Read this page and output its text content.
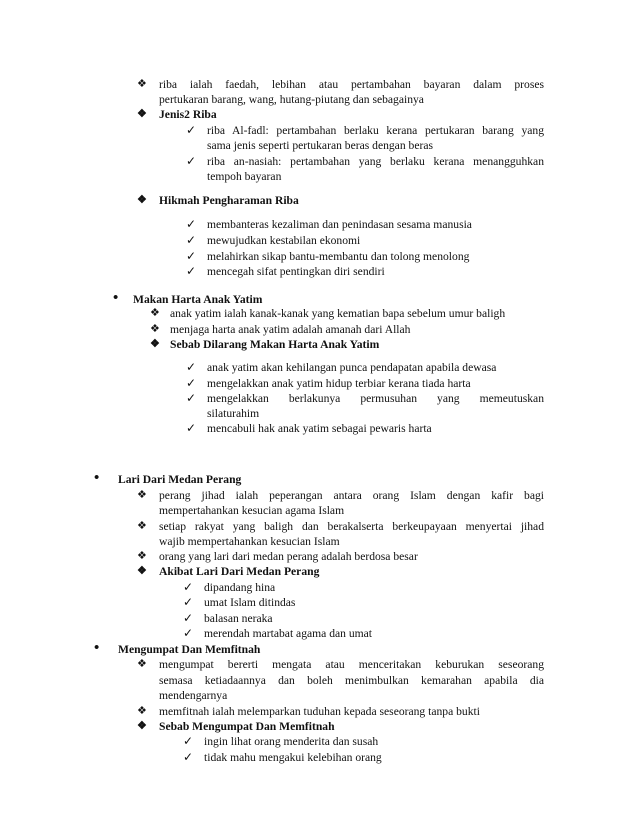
❖ riba ialah faedah, lebihan atau pertambahan bayaran dalam proses
pertukaran barang, wang, hutang-piutang dan sebagainya
❖ Jenis2 Riba
✓ riba Al-fadl: pertambahan berlaku kerana pertukaran barang yang
sama jenis seperti pertukaran beras dengan beras
✓ riba an-nasiah: pertambahan yang berlaku kerana menangguhkan
tempoh bayaran
❖ Hikmah Pengharaman Riba
✓ membanteras kezaliman dan penindasan sesama manusia
✓ mewujudkan kestabilan ekonomi
✓ melahirkan sikap bantu-membantu dan tolong menolong
✓ mencegah sifat pentingkan diri sendiri
• Makan Harta Anak Yatim
❖ anak yatim ialah kanak-kanak yang kematian bapa sebelum umur baligh
❖ menjaga harta anak yatim adalah amanah dari Allah
❖ Sebab Dilarang Makan Harta Anak Yatim
✓ anak yatim akan kehilangan punca pendapatan apabila dewasa
✓ mengelakkan anak yatim hidup terbiar kerana tiada harta
✓ mengelakkan berlakunya permusuhan yang memeutuskan
silaturahim
✓ mencabuli hak anak yatim sebagai pewaris harta
• Lari Dari Medan Perang
❖ perang jihad ialah peperangan antara orang Islam dengan kafir bagi
mempertahankan kesucian agama Islam
❖ setiap rakyat yang baligh dan berakalserta berkeupayaan menyertai jihad
wajib mempertahankan kesucian Islam
❖ orang yang lari dari medan perang adalah berdosa besar
❖ Akibat Lari Dari Medan Perang
✓ dipandang hina
✓ umat Islam ditindas
✓ balasan neraka
✓ merendah martabat agama dan umat
• Mengumpat Dan Memfitnah
❖ mengumpat bererti mengata atau menceritakan keburukan seseorang
semasa ketiadaannya dan boleh menimbulkan kemarahan apabila dia
mendengarnya
❖ memfitnah ialah melemparkan tuduhan kepada seseorang tanpa bukti
❖ Sebab Mengumpat Dan Memfitnah
✓ ingin lihat orang menderita dan susah
✓ tidak mahu mengakui kelebihan orang
